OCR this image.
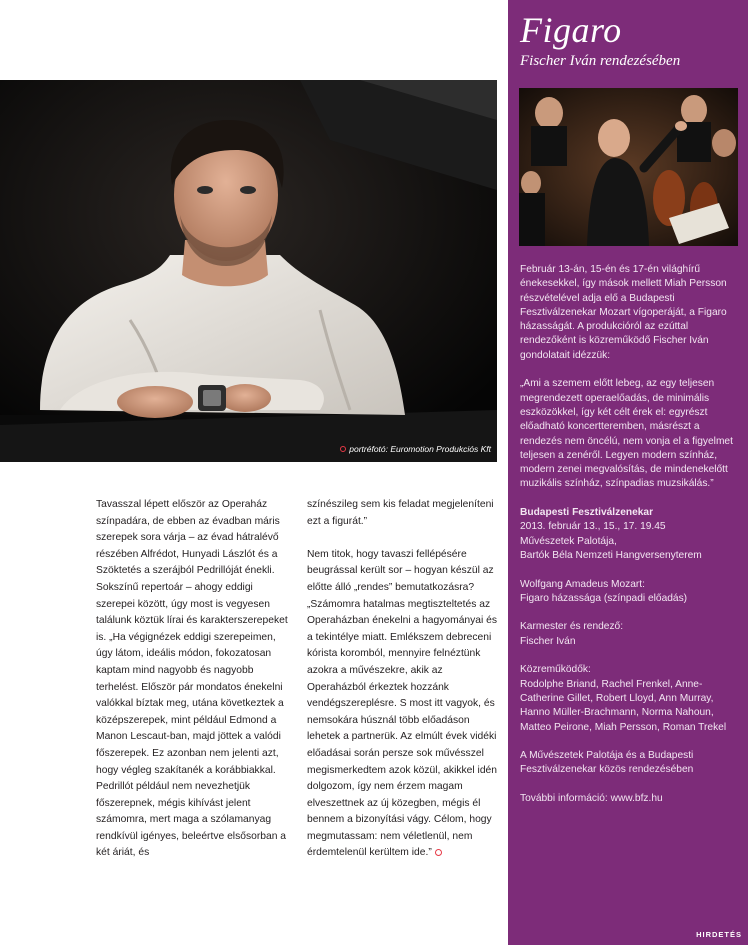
portréfotó: Euromotion Produkciós Kft

Tavasszal lépett először az Operaház színpadára, de ebben az évadban máris szerepek sora várja – az évad hátralévő részében Alfrédot, Hunyadi Lászlót és a Szöktetés a szerájból Pedrillóját énekli. Sokszínű repertoár – ahogy eddigi szerepei között, úgy most is vegyesen találunk köztük lírai és karakterszerepeket is. „Ha végignézek eddigi szerepeimen, úgy látom, ideális módon, fokozatosan kaptam mind nagyobb és nagyobb terhelést. Először pár mondatos énekelni valókkal bíztak meg, utána következtek a középszerepek, mint például Edmond a Manon Lescaut-ban, majd jöttek a valódi főszerepek. Ez azonban nem jelenti azt, hogy végleg szakítanék a korábbiakkal. Pedrillót például nem nevezhetjük főszerepnek, mégis kihívást jelent számomra, mert maga a szólamanyag rendkívül igényes, beleértve elsősorban a két áriát, és

színészileg sem kis feladat megjeleníteni ezt a figurát.”

Nem titok, hogy tavaszi fellépésére beugrással került sor – hogyan készül az előtte álló „rendes” bemutatkozásra? „Számomra hatalmas megtiszteltetés az Operaházban énekelni a hagyományai és a tekintélye miatt. Emlékszem debreceni kórista koromból, mennyire felnéztünk azokra a művészekre, akik az Operaházból érkeztek hozzánk vendégszereplésre. S most itt vagyok, és nemsokára húsznál több előadáson lehetek a partnerük. Az elmúlt évek vidéki előadásai során persze sok művésszel megismerkedtem azok közül, akikkel idén dolgozom, így nem érzem magam elveszettnek az új közegben, mégis él bennem a bizonyítási vágy. Célom, hogy megmutassam: nem véletlenül, nem érdemtelenül kerültem ide.”

Figaro
Fischer Iván rendezésében

Február 13-án, 15-én és 17-én világhírű énekesekkel, így mások mellett Miah Persson részvételével adja elő a Budapesti Fesztiválzenekar Mozart vígoperáját, a Figaro házasságát. A produkcióról az ezúttal rendezőként is közreműködő Fischer Iván gondolatait idézzük:

„Ami a szemem előtt lebeg, az egy teljesen megrendezett operaelőadás, de minimális eszközökkel, így két célt érek el: egyrészt előadható koncertteremben, másrészt a rendezés nem öncélú, nem vonja el a figyelmet teljesen a zenéről. Legyen modern színház, modern zenei megvalósítás, de mindenekelőtt muzikális színház, színpadias muzsikálás.”

Budapesti Fesztiválzenekar

2013. február 13., 15., 17. 19.45

Művészetek Palotája,

Bartók Béla Nemzeti Hangversenyterem

Wolfgang Amadeus Mozart:

Figaro házassága (színpadi előadás)

Karmester és rendező:

Fischer Iván

Közreműködők:

Rodolphe Briand, Rachel Frenkel, Anne-Catherine Gillet, Robert Lloyd, Ann Murray, Hanno Müller-Brachmann, Norma Nahoun, Matteo Peirone, Miah Persson, Roman Trekel

A Művészetek Palotája és a Budapesti Fesztiválzenekar közös rendezésében

További információ: www.bfz.hu

HIRDETÉS
